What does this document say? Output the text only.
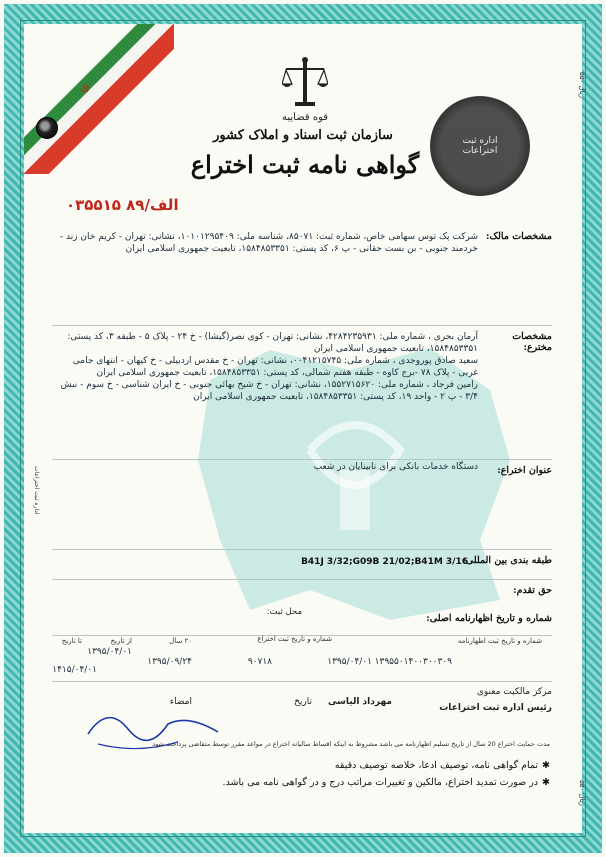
☫
قوه قضاییه
سازمان ثبت اسناد و املاک کشور
گواهی نامه ثبت اختراع
۰۳۵۵۱۵ الف/۸۹
اداره ثبت اختراعات
مشخصات مالک:
شرکت پک توس سهامی خاص، شماره ثبت: ۸۵۰۷۱، شناسه ملی: ۱۰۱۰۱۲۹۵۴۰۹، نشانی: تهران - کریم خان زند - خردمند جنوبی - بن بست حقانی - پ ۶، کد پستی: ۱۵۸۴۸۵۳۳۵۱، تابعیت جمهوری اسلامی ایران
مشخصات مخترع:
آرمان بحری ، شماره ملی: ۴۲۸۴۲۳۵۹۳۱، نشانی: تهران - کوی نصر(گیشا) - خ ۲۴ - پلاک ۵ - طبقه ۳، کد پستی: ۱۵۸۴۸۵۳۳۵۱، تابعیت جمهوری اسلامی ایران
سعید صادق پوروجدی ، شماره ملی: ۰۰۴۱۲۱۵۷۴۵، نشانی: تهران - خ مقدس اردبیلی - خ کیهان - انتهای جامی غربی - پلاک ۷۸ -برج کاوه - طبقه هفتم شمالی، کد پستی: ۱۵۸۴۸۵۳۳۵۱، تابعیت جمهوری اسلامی ایران
رامین فرجاد ، شماره ملی: ۱۵۵۲۷۱۵۶۲۰، نشانی: تهران - خ شیخ بهائی جنوبی - خ ایران شناسی - خ سوم - نبش ۳/۴ - پ ۲ - واحد ۱۹، کد پستی: ۱۵۸۴۸۵۳۳۵۱، تابعیت جمهوری اسلامی ایران
عنوان اختراع:
دستگاه خدمات بانکی برای نابینایان در شعب
طبقه بندی بین المللی:
B41J 3/32;G09B 21/02;B41M 3/16
حق تقدم:
شماره و تاریخ اظهارنامه اصلی:
محل ثبت:
شماره و تاریخ ثبت اظهارنامه
۱۳۹۵۵۰۱۴۰۰۳۰۰۳۰۹
۱۳۹۵/۰۴/۰۱
شماره و تاریخ ثبت اختراع
۹۰۷۱۸
۱۳۹۵/۰۹/۲۴
۲۰ سال
از تاریخ
۱۳۹۵/۰۴/۰۱
تا تاریخ
۱۴۱۵/۰۴/۰۱
مرکز مالکیت معنوی
رئیس اداره ثبت اختراعات
مهرداد الیاسی
تاریخ
امضاء
مدت حمایت اختراع 20 سال از تاریخ تسلیم اظهارنامه می باشد مشروط به اینکه اقساط سالیانه اختراع در مواعد مقرر توسط متقاضی پرداخت شود
✱تمام گواهی نامه، توصیف ادعا، خلاصه توصیف دقیقه
✱در صورت تمدید اختراع، مالکین و تغییرات مراتب درج و در گواهی نامه می باشد.
۵۵۰ ریال
۵۵۰ ریال
اداره ثبت اختراعات
